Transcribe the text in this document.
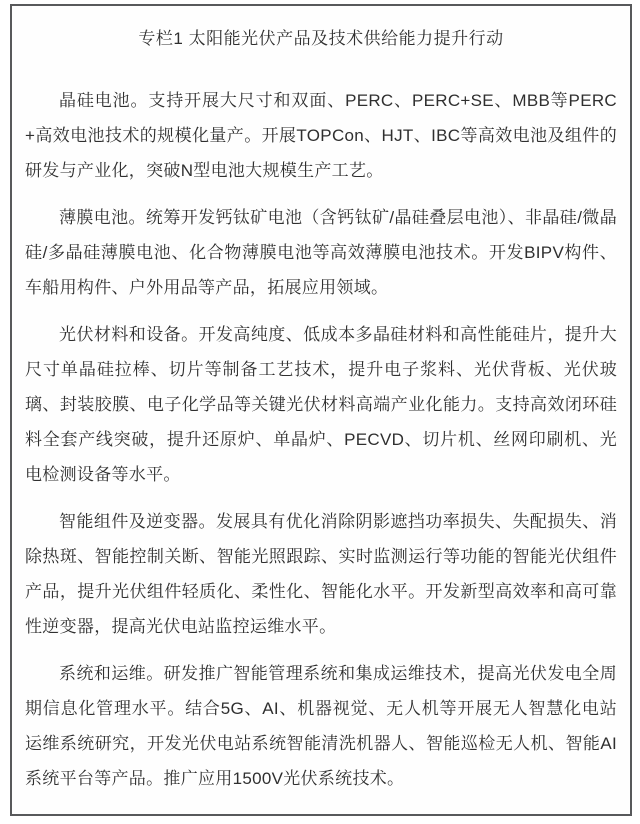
专栏1 太阳能光伏产品及技术供给能力提升行动

晶硅电池。支持开展大尺寸和双面、PERC、PERC+SE、MBB等PERC+高效电池技术的规模化量产。开展TOPCon、HJT、IBC等高效电池及组件的研发与产业化，突破N型电池大规模生产工艺。

薄膜电池。统筹开发钙钛矿电池（含钙钛矿/晶硅叠层电池）、非晶硅/微晶硅/多晶硅薄膜电池、化合物薄膜电池等高效薄膜电池技术。开发BIPV构件、车船用构件、户外用品等产品，拓展应用领域。

光伏材料和设备。开发高纯度、低成本多晶硅材料和高性能硅片，提升大尺寸单晶硅拉棒、切片等制备工艺技术，提升电子浆料、光伏背板、光伏玻璃、封装胶膜、电子化学品等关键光伏材料高端产业化能力。支持高效闭环硅料全套产线突破，提升还原炉、单晶炉、PECVD、切片机、丝网印刷机、光电检测设备等水平。

智能组件及逆变器。发展具有优化消除阴影遮挡功率损失、失配损失、消除热斑、智能控制关断、智能光照跟踪、实时监测运行等功能的智能光伏组件产品，提升光伏组件轻质化、柔性化、智能化水平。开发新型高效率和高可靠性逆变器，提高光伏电站监控运维水平。

系统和运维。研发推广智能管理系统和集成运维技术，提高光伏发电全周期信息化管理水平。结合5G、AI、机器视觉、无人机等开展无人智慧化电站运维系统研究，开发光伏电站系统智能清洗机器人、智能巡检无人机、智能AI系统平台等产品。推广应用1500V光伏系统技术。
